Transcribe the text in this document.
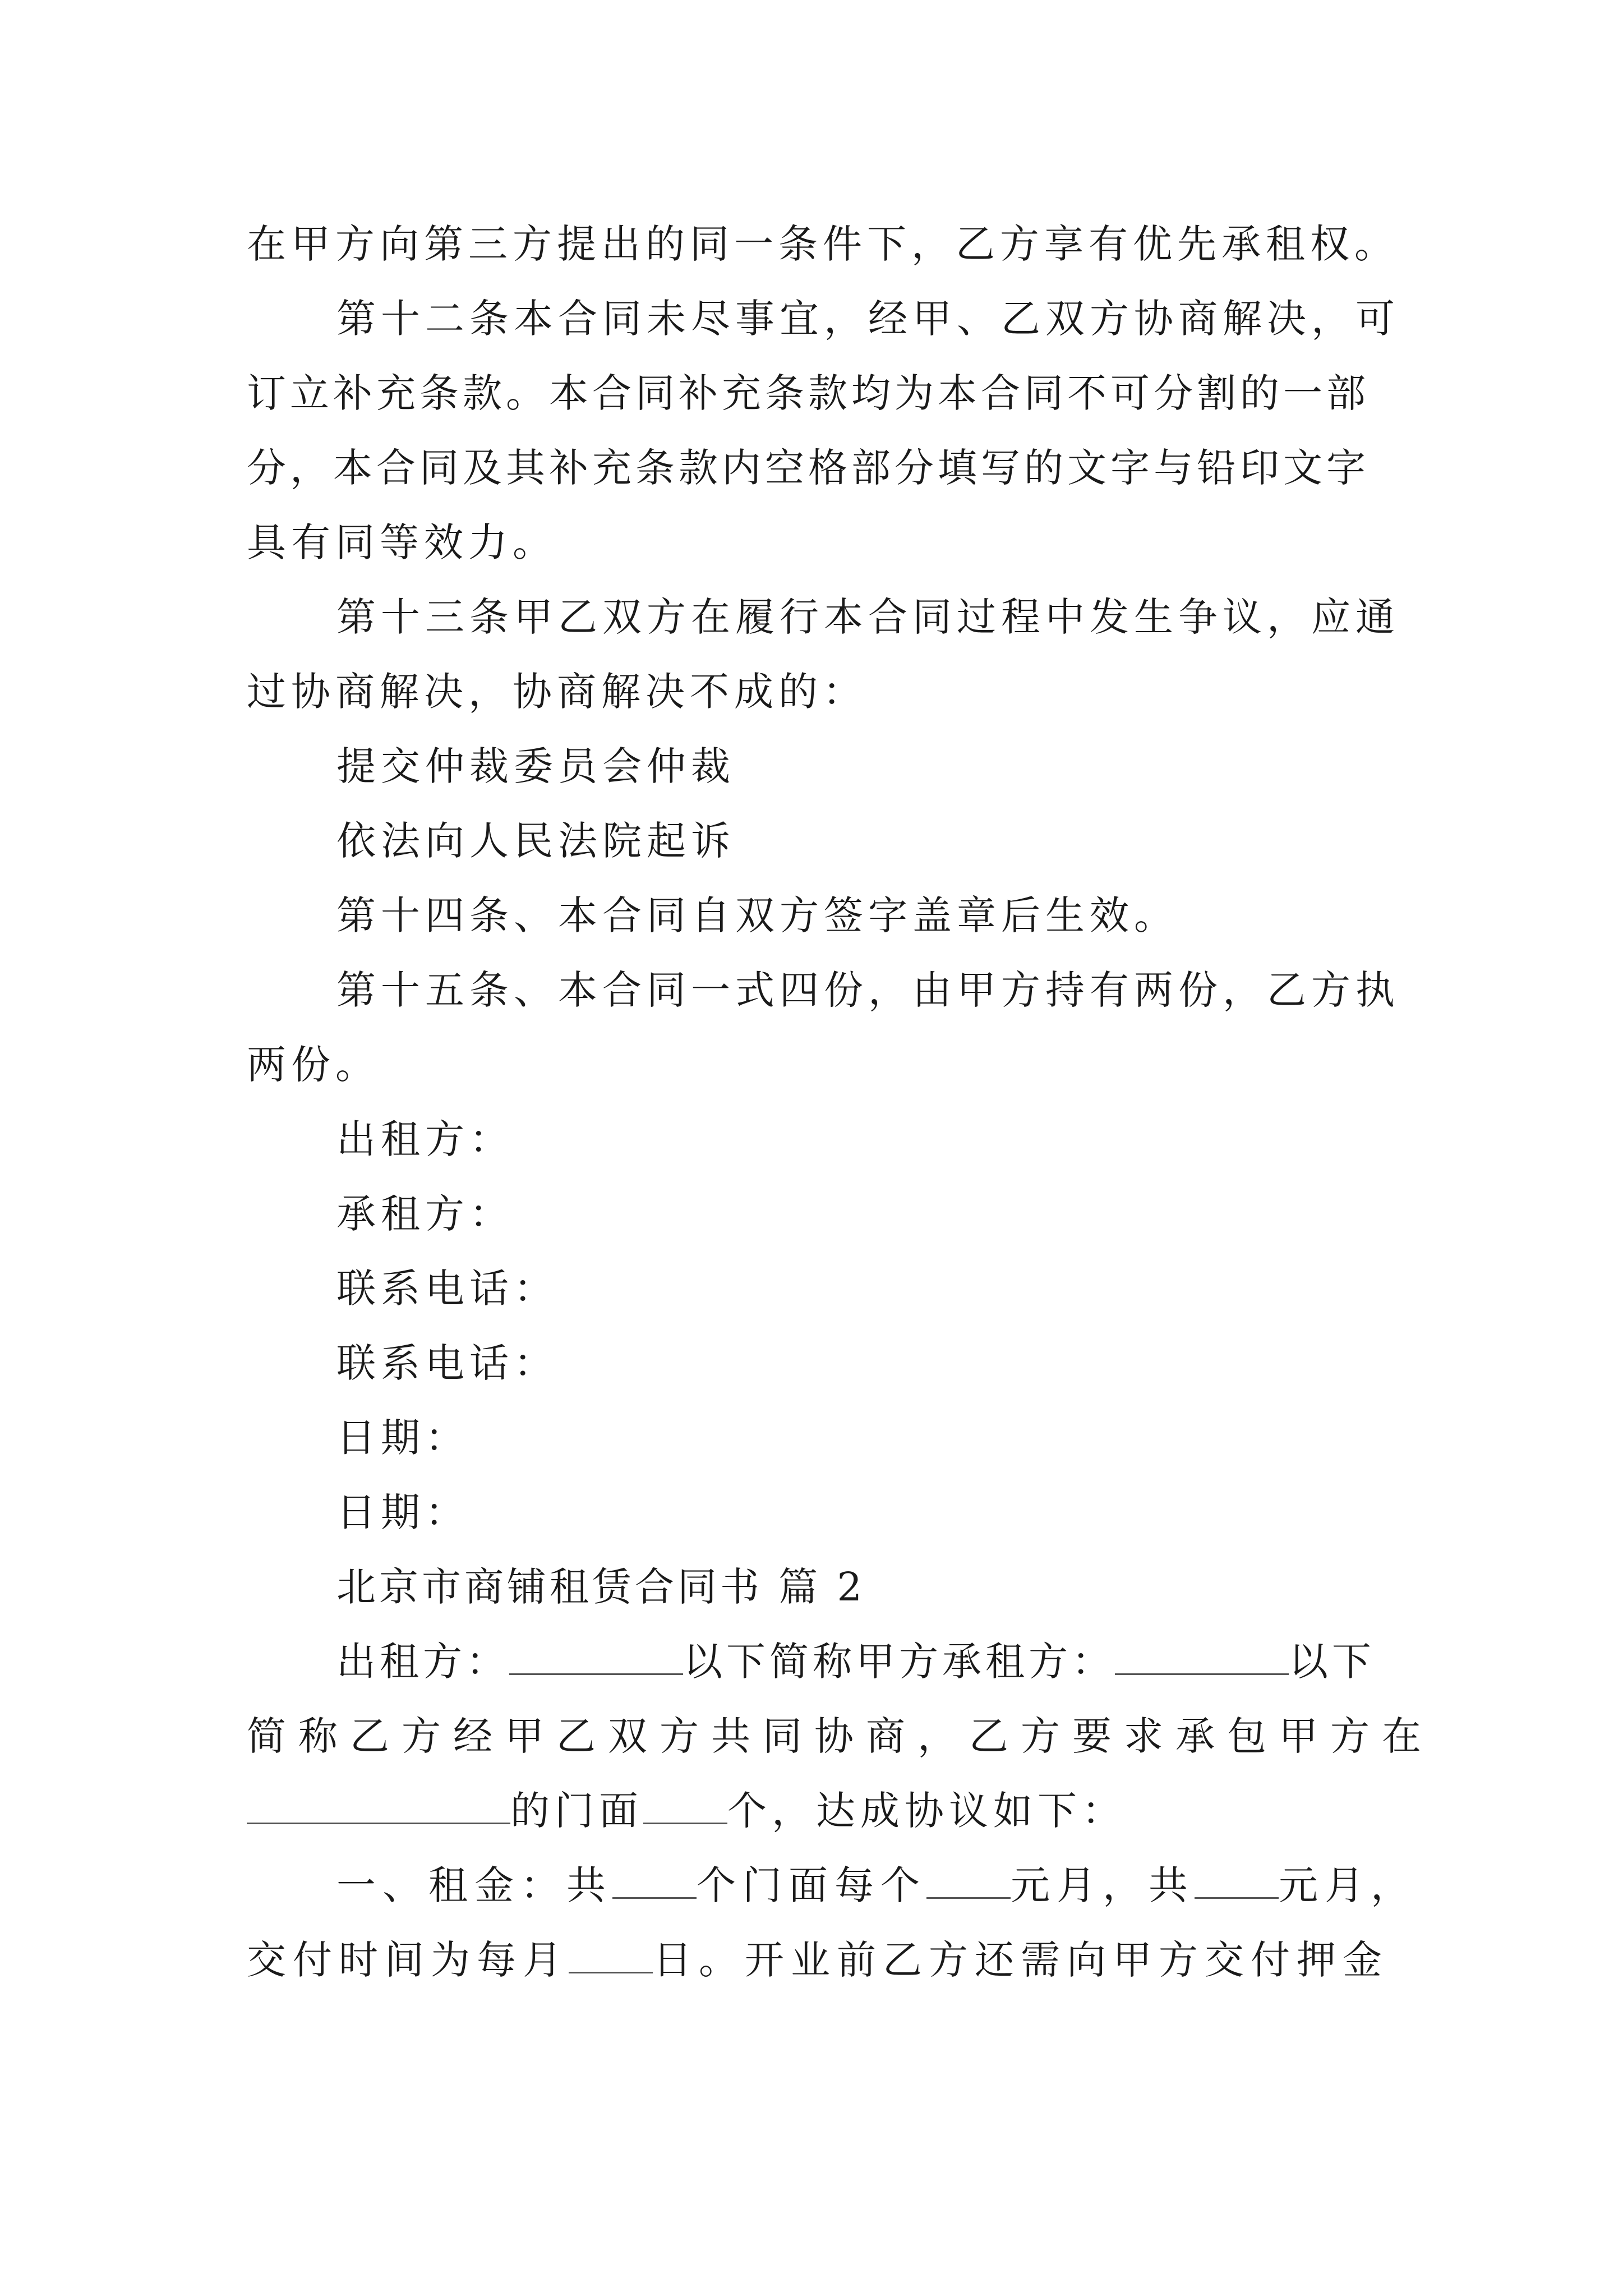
在甲方向第三方提出的同一条件下，乙方享有优先承租权。
第十二条本合同未尽事宜，经甲、乙双方协商解决，可
订立补充条款。本合同补充条款均为本合同不可分割的一部
分，本合同及其补充条款内空格部分填写的文字与铅印文字
具有同等效力。
第十三条甲乙双方在履行本合同过程中发生争议，应通
过协商解决，协商解决不成的：
提交仲裁委员会仲裁
依法向人民法院起诉
第十四条、本合同自双方签字盖章后生效。
第十五条、本合同一式四份，由甲方持有两份，乙方执
两份。
出租方：
承租方：
联系电话：
联系电话：
日期：
日期：
北京市商铺租赁合同书 篇 2
出租方：	以下简称甲方承租方：	以下
简称乙方经甲乙双方共同协商，乙方要求承包甲方在
的门面 个，达成协议如下：
一、租金：共 个门面每个 元月，共 元月，
交付时间为每月 日。开业前乙方还需向甲方交付押金
